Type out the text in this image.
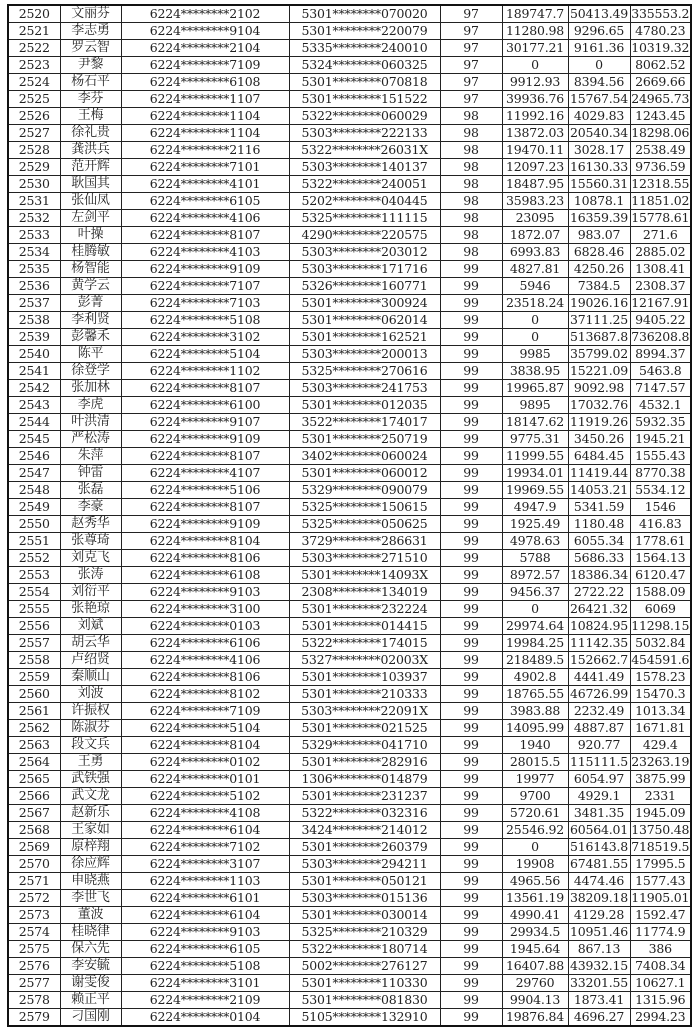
2520	文丽芬	6224********2102	5301********070020	97	189747.7	50413.49	335553.2
2521	李志勇	6224********9104	5301********220079	97	11280.98	9296.65	4780.23
2522	罗云智	6224********2104	5335********240010	97	30177.21	9161.36	10319.32
2523	尹黎	6224********7109	5324********060325	97	0	0	8062.52
2524	杨石平	6224********6108	5301********070818	97	9912.93	8394.56	2669.66
2525	李芬	6224********1107	5301********151522	97	39936.76	15767.54	24965.73
2526	王梅	6224********1104	5322********060029	98	11992.16	4029.83	1243.45
2527	徐礼贵	6224********1104	5303********222133	98	13872.03	20540.34	18298.06
2528	龚洪兵	6224********2116	5322********26031X	98	19470.11	3028.17	2538.49
2529	范开辉	6224********7101	5303********140137	98	12097.23	16130.33	9736.59
2530	耿国其	6224********4101	5322********240051	98	18487.95	15560.31	12318.55
2531	张仙凤	6224********6105	5202********040445	98	35983.23	10878.1	11851.02
2532	左剑平	6224********4106	5325********111115	98	23095	16359.39	15778.61
2533	叶操	6224********8107	4290********220575	98	1872.07	983.07	271.6
2534	桂腾敏	6224********4103	5303********203012	98	6993.83	6828.46	2885.02
2535	杨智能	6224********9109	5303********171716	99	4827.81	4250.26	1308.41
2536	黄学云	6224********7107	5326********160771	99	5946	7384.5	2308.37
2537	彭菁	6224********7103	5301********300924	99	23518.24	19026.16	12167.91
2538	李利贤	6224********5108	5301********062014	99	0	37111.25	9405.22
2539	彭馨禾	6224********3102	5301********162521	99	0	513687.8	736208.8
2540	陈平	6224********5104	5303********200013	99	9985	35799.02	8994.37
2541	徐登学	6224********1102	5325********270616	99	3838.95	15221.09	5463.8
2542	张加林	6224********8107	5303********241753	99	19965.87	9092.98	7147.57
2543	李虎	6224********6100	5301********012035	99	9895	17032.76	4532.1
2544	叶洪清	6224********9107	3522********174017	99	18147.62	11919.26	5932.35
2545	严松涛	6224********9109	5301********250719	99	9775.31	3450.26	1945.21
2546	朱萍	6224********8107	3402********060024	99	11999.55	6484.45	1555.43
2547	钟雷	6224********4107	5301********060012	99	19934.01	11419.44	8770.38
2548	张磊	6224********5106	5329********090079	99	19969.55	14053.21	5534.12
2549	李豪	6224********8107	5325********150615	99	4947.9	5341.59	1546
2550	赵秀华	6224********9109	5325********050625	99	1925.49	1180.48	416.83
2551	张尊琦	6224********8104	3729********286631	99	4978.63	6055.34	1778.61
2552	刘克飞	6224********8106	5303********271510	99	5788	5686.33	1564.13
2553	张涛	6224********6108	5301********14093X	99	8972.57	18386.34	6120.47
2554	刘衍平	6224********9103	2308********134019	99	9456.37	2722.22	1588.09
2555	张艳琼	6224********3100	5301********232224	99	0	26421.32	6069
2556	刘斌	6224********0103	5301********014415	99	29974.64	10824.95	11298.15
2557	胡云华	6224********6106	5322********174015	99	19984.25	11142.35	5032.84
2558	卢绍贤	6224********4106	5327********02003X	99	218489.5	152662.7	454591.6
2559	秦顺山	6224********8106	5301********103937	99	4902.8	4441.49	1578.23
2560	刘波	6224********8102	5301********210333	99	18765.55	46726.99	15470.3
2561	许振权	6224********7109	5303********22091X	99	3983.88	2232.49	1013.34
2562	陈淑芬	6224********5104	5301********021525	99	14095.99	4887.87	1671.81
2563	段文兵	6224********8104	5329********041710	99	1940	920.77	429.4
2564	王勇	6224********0102	5301********282916	99	28015.5	115111.5	23263.19
2565	武铁强	6224********0101	1306********014879	99	19977	6054.97	3875.99
2566	武文龙	6224********5102	5301********231237	99	9700	4929.1	2331
2567	赵新乐	6224********4108	5322********032316	99	5720.61	3481.35	1945.09
2568	王家如	6224********6104	3424********214012	99	25546.92	60564.01	13750.48
2569	原梓翔	6224********7102	5301********260379	99	0	516143.8	718519.5
2570	徐应辉	6224********3107	5303********294211	99	19908	67481.55	17995.5
2571	申晓燕	6224********1103	5301********050121	99	4965.56	4474.46	1577.43
2572	李世飞	6224********6101	5303********015136	99	13561.19	38209.18	11905.01
2573	董波	6224********6104	5301********030014	99	4990.41	4129.28	1592.47
2574	桂晓律	6224********9103	5325********210329	99	29934.5	10951.46	11774.9
2575	保六先	6224********6105	5322********180714	99	1945.64	867.13	386
2576	李安毓	6224********5108	5002********276127	99	16407.88	43932.15	7408.34
2577	谢雯俊	6224********3101	5301********110330	99	29760	33201.55	10627.1
2578	赖正平	6224********2109	5301********081830	99	9904.13	1873.41	1315.96
2579	刁国刚	6224********0104	5105********132910	99	19876.84	4696.27	2994.23
